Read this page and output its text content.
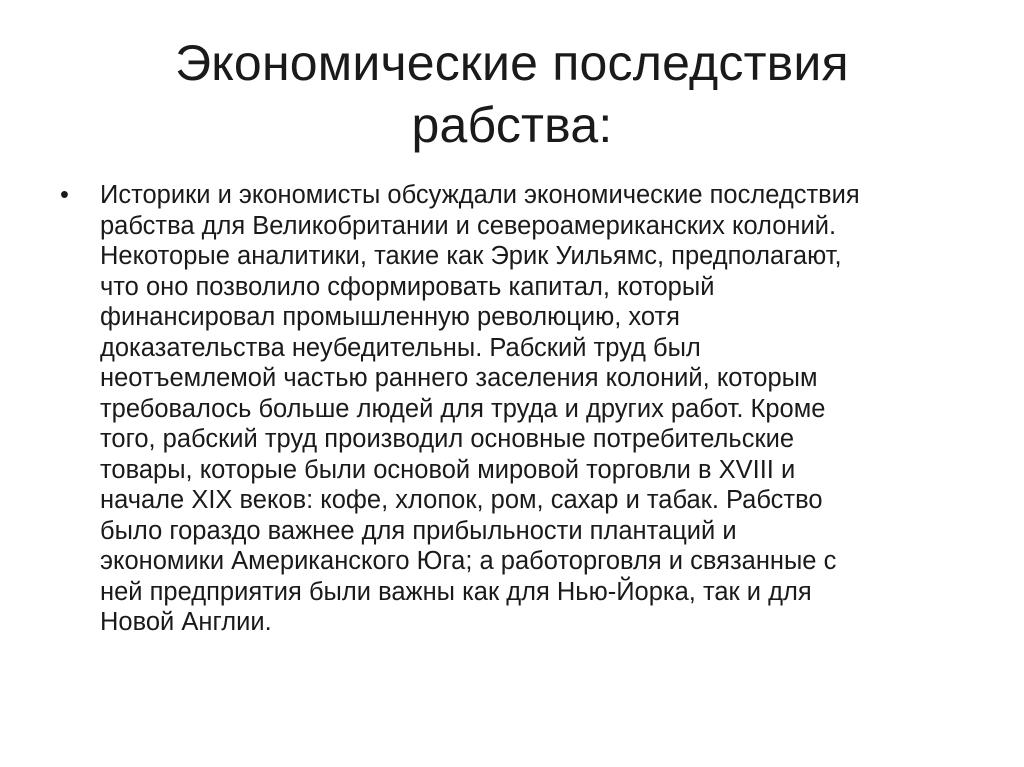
Экономические последствия
рабства:
•	Историки и экономисты обсуждали экономические последствия
рабства для Великобритании и североамериканских колоний.
Некоторые аналитики, такие как Эрик Уильямс, предполагают,
что оно позволило сформировать капитал, который
финансировал промышленную революцию, хотя
доказательства неубедительны. Рабский труд был
неотъемлемой частью раннего заселения колоний, которым
требовалось больше людей для труда и других работ. Кроме
того, рабский труд производил основные потребительские
товары, которые были основой мировой торговли в XVIII и
начале XIX веков: кофе, хлопок, ром, сахар и табак. Рабство
было гораздо важнее для прибыльности плантаций и
экономики Американского Юга; а работорговля и связанные с
ней предприятия были важны как для Нью-Йорка, так и для
Новой Англии.
